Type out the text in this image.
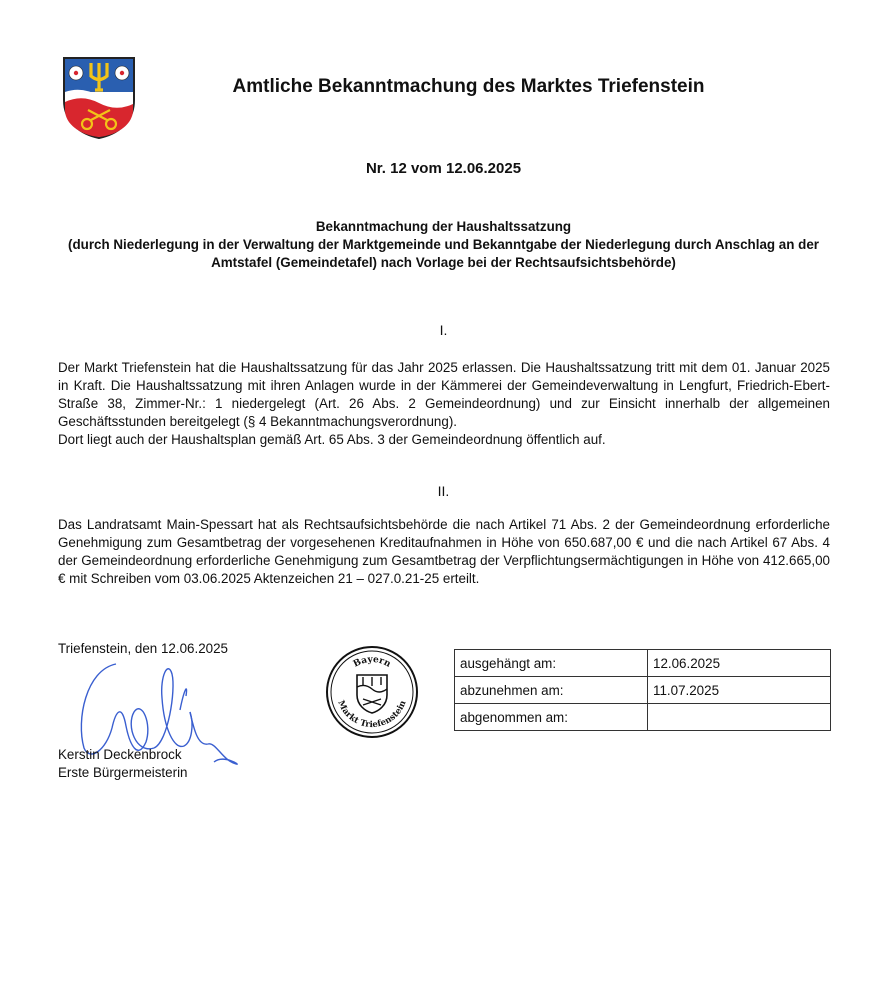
Amtliche Bekanntmachung des Marktes Triefenstein
Nr. 12 vom 12.06.2025
Bekanntmachung der Haushaltssatzung
(durch Niederlegung in der Verwaltung der Marktgemeinde und Bekanntgabe der Niederlegung durch Anschlag an der Amtstafel (Gemeindetafel) nach Vorlage bei der Rechtsaufsichtsbehörde)
I.

Der Markt Triefenstein hat die Haushaltssatzung für das Jahr 2025 erlassen. Die Haushaltssatzung tritt mit dem 01. Januar 2025 in Kraft. Die Haushaltssatzung mit ihren Anlagen wurde in der Kämmerei der Gemeindeverwaltung in Lengfurt, Friedrich-Ebert-Straße 38, Zimmer-Nr.: 1 niedergelegt (Art. 26 Abs. 2 Gemeindeordnung) und zur Einsicht innerhalb der allgemeinen Geschäftsstunden bereitgelegt (§ 4 Bekanntmachungsverordnung).

Dort liegt auch der Haushaltsplan gemäß Art. 65 Abs. 3 der Gemeindeordnung öffentlich auf.

II.

Das Landratsamt Main-Spessart hat als Rechtsaufsichtsbehörde die nach Artikel 71 Abs. 2 der Gemeindeordnung erforderliche Genehmigung zum Gesamtbetrag der vorgesehenen Kreditaufnahmen in Höhe von 650.687,00 € und die nach Artikel 67 Abs. 4 der Gemeindeordnung erforderliche Genehmigung zum Gesamtbetrag der Verpflichtungsermächtigungen in Höhe von 412.665,00 € mit Schreiben vom 03.06.2025 Aktenzeichen 21 – 027.0.21-25 erteilt.

Triefenstein, den 12.06.2025
Kerstin Deckenbrock
Erste Bürgermeisterin
Bayern
Markt Triefenstein
ausgehängt am:	12.06.2025
abzunehmen am:	11.07.2025
abgenommen am:	
